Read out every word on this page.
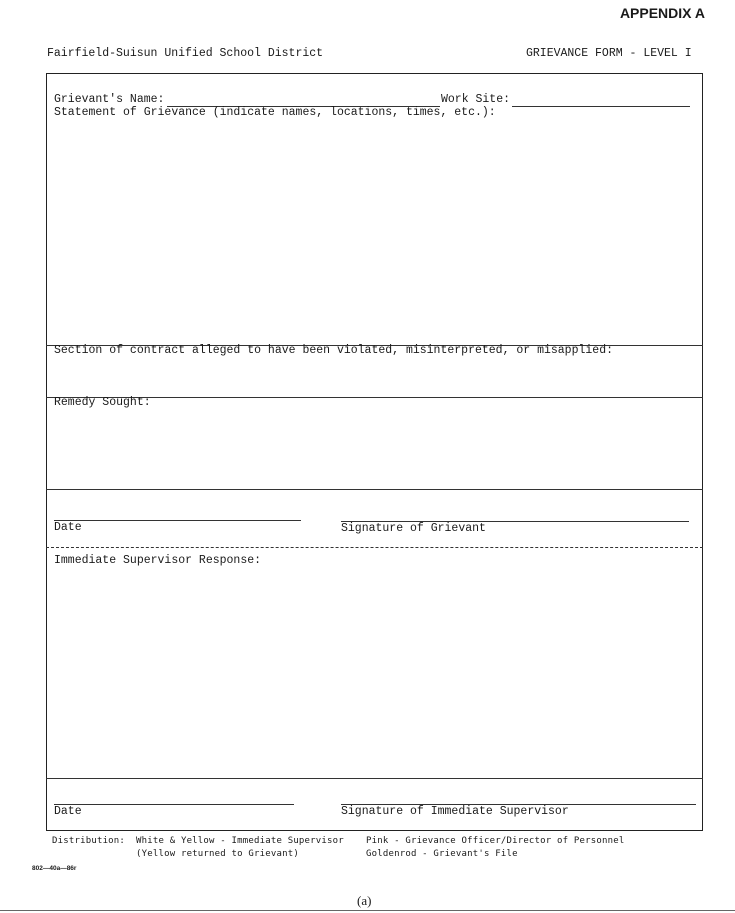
APPENDIX A
Fairfield-Suisun Unified School District	GRIEVANCE FORM - LEVEL I
Grievant's Name:	Work Site:
Statement of Grievance (indicate names, locations, times, etc.):
Section of contract alleged to have been violated, misinterpreted, or misapplied:
Remedy Sought:
Date	Signature of Grievant
Immediate Supervisor Response:
Date	Signature of Immediate Supervisor
Distribution: White & Yellow - Immediate Supervisor
(Yellow returned to Grievant)
Pink - Grievance Officer/Director of Personnel
Goldenrod - Grievant's File
802—40a—86r
(a)
